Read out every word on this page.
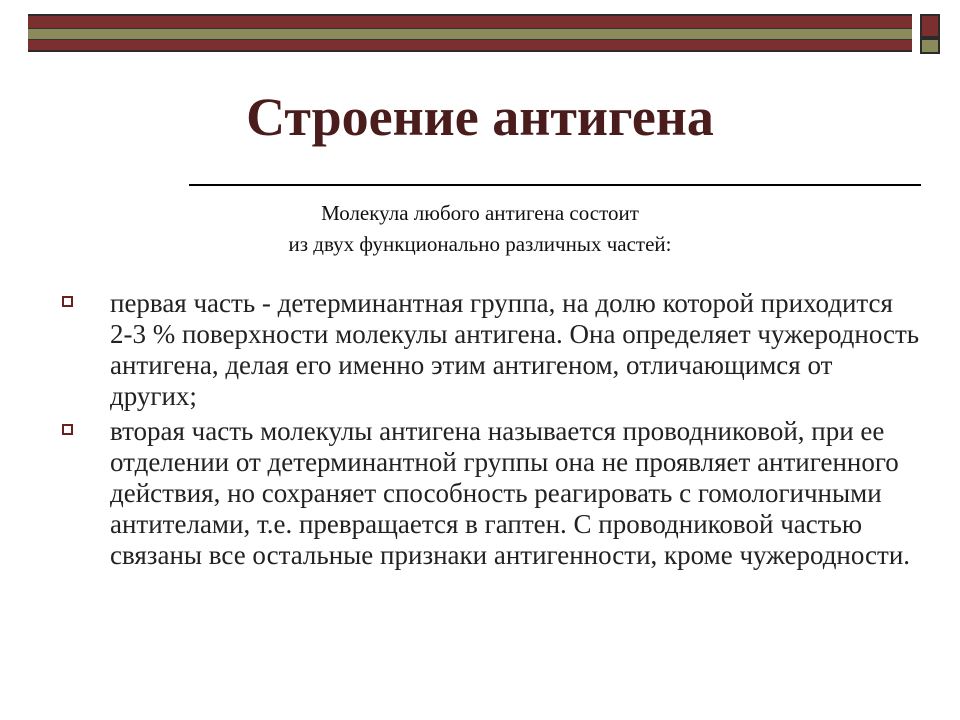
Строение антигена
Молекула любого антигена состоит
из двух функционально различных частей:
первая часть - детерминантная группа, на долю которой приходится 2-3 % поверхности молекулы антигена. Она определяет чужеродность антигена, делая его именно этим антигеном, отличающимся от других;
вторая часть молекулы антигена называется проводниковой, при ее отделении от детерминантной группы она не проявляет антигенного действия, но сохраняет способность реагировать с гомологичными антителами, т.е. превращается в гаптен. С проводниковой частью связаны все остальные признаки антигенности, кроме чужеродности.
